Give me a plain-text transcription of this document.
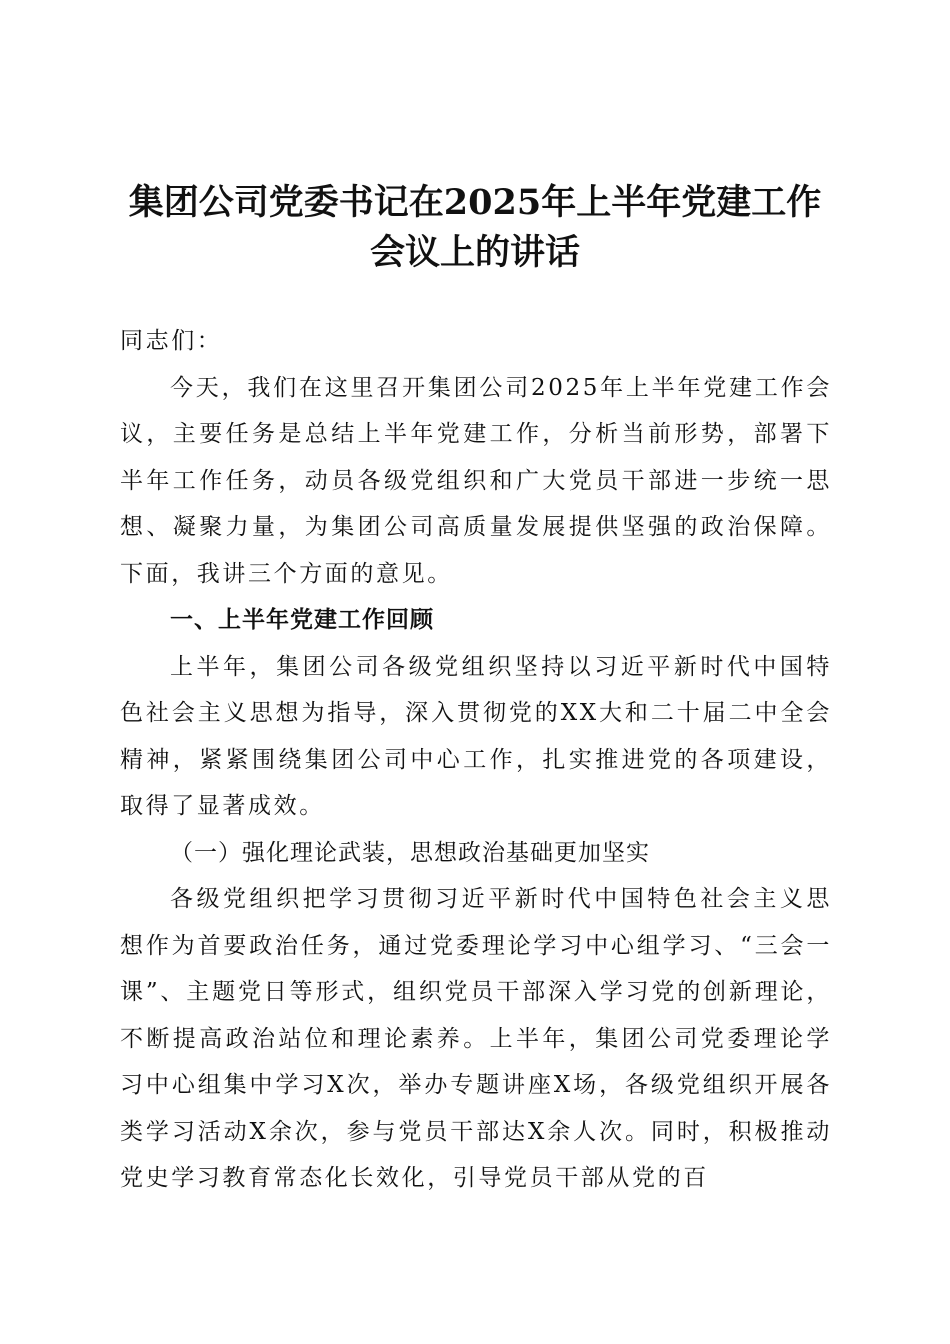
集团公司党委书记在2025年上半年党建工作
会议上的讲话

同志们：

今天，我们在这里召开集团公司2025年上半年党建工作会议，主要任务是总结上半年党建工作，分析当前形势，部署下半年工作任务，动员各级党组织和广大党员干部进一步统一思想、凝聚力量，为集团公司高质量发展提供坚强的政治保障。下面，我讲三个方面的意见。

一、上半年党建工作回顾

上半年，集团公司各级党组织坚持以习近平新时代中国特色社会主义思想为指导，深入贯彻党的XX大和二十届二中全会精神，紧紧围绕集团公司中心工作，扎实推进党的各项建设，取得了显著成效。

（一）强化理论武装，思想政治基础更加坚实

各级党组织把学习贯彻习近平新时代中国特色社会主义思想作为首要政治任务，通过党委理论学习中心组学习、“三会一课”、主题党日等形式，组织党员干部深入学习党的创新理论，不断提高政治站位和理论素养。上半年，集团公司党委理论学习中心组集中学习X次，举办专题讲座X场，各级党组织开展各类学习活动X余次，参与党员干部达X余人次。同时，积极推动党史学习教育常态化长效化，引导党员干部从党的百
